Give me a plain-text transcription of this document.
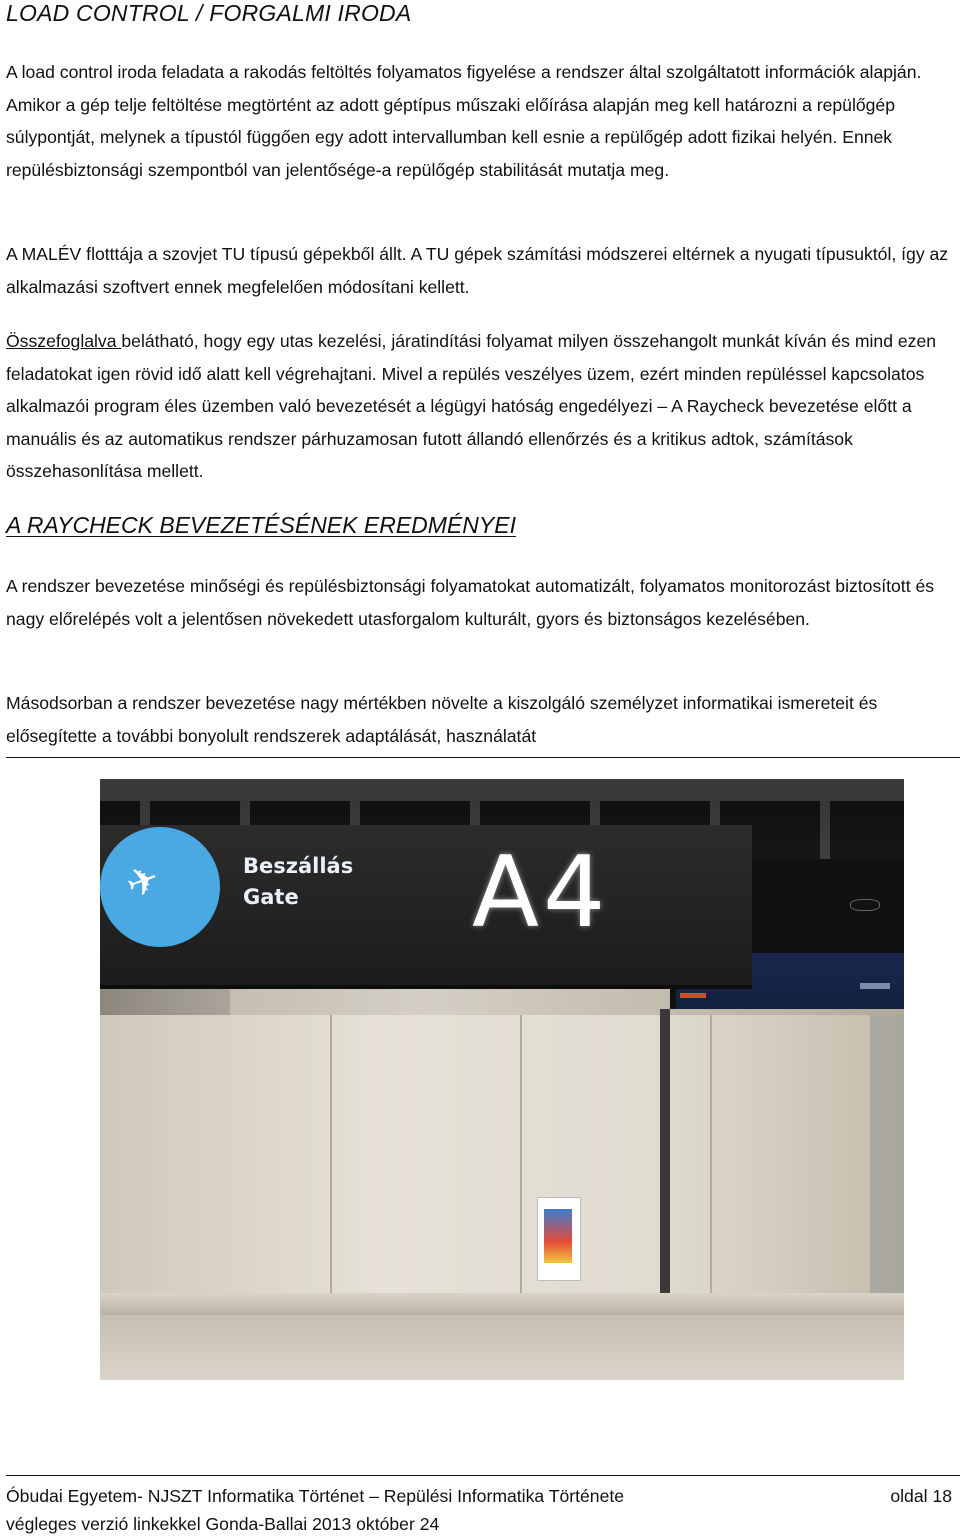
LOAD CONTROL / FORGALMI IRODA

A load control iroda feladata a rakodás feltöltés folyamatos figyelése a rendszer által szolgáltatott információk alapján. Amikor a gép telje feltöltése megtörtént az adott géptípus műszaki előírása alapján meg kell határozni a repülőgép súlypontját, melynek a típustól függően egy adott intervallumban kell esnie a repülőgép adott fizikai helyén. Ennek repülésbiztonsági szempontból van jelentősége-a repülőgép stabilitását mutatja meg.

A MALÉV flotttája a szovjet TU típusú gépekből állt. A TU gépek számítási módszerei eltérnek a nyugati típusuktól, így az alkalmazási szoftvert ennek megfelelően módosítani kellett.

Összefoglalva belátható, hogy egy utas kezelési, járatindítási folyamat milyen összehangolt munkát kíván és mind ezen feladatokat igen rövid idő alatt kell végrehajtani. Mivel a repülés veszélyes üzem, ezért minden repüléssel kapcsolatos alkalmazói program éles üzemben való bevezetését a légügyi hatóság engedélyezi – A Raycheck bevezetése előtt a manuális és az automatikus rendszer párhuzamosan futott állandó ellenőrzés és a kritikus adtok, számítások összehasonlítása mellett.

A RAYCHECK BEVEZETÉSÉNEK EREDMÉNYEI

A rendszer bevezetése minőségi és repülésbiztonsági folyamatokat automatizált, folyamatos monitorozást biztosított és nagy előrelépés volt a jelentősen növekedett utasforgalom kulturált, gyors és biztonságos kezelésében.

Másodsorban a rendszer bevezetése nagy mértékben növelte a kiszolgáló személyzet informatikai ismereteit és elősegítette a további bonyolult rendszerek adaptálását, használatát

Óbudai Egyetem- NJSZT Informatika Történet – Repülési Informatika Története	oldal 18
végleges verzió linkekkel Gonda-Ballai 2013 október 24
✈	Beszállás
Gate A4
